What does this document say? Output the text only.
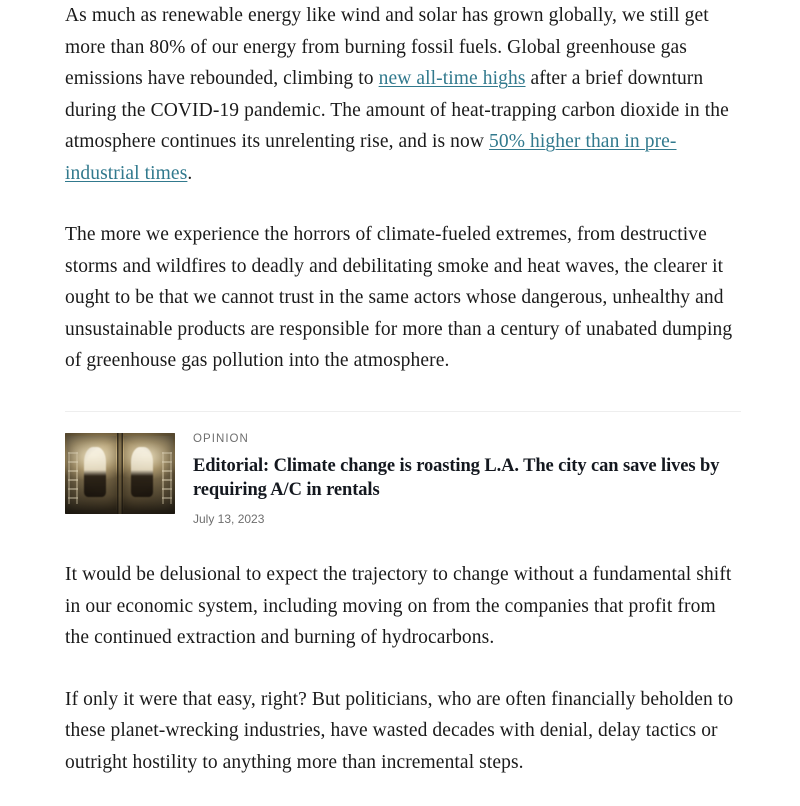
As much as renewable energy like wind and solar has grown globally, we still get more than 80% of our energy from burning fossil fuels. Global greenhouse gas emissions have rebounded, climbing to new all-time highs after a brief downturn during the COVID-19 pandemic. The amount of heat-trapping carbon dioxide in the atmosphere continues its unrelenting rise, and is now 50% higher than in pre-industrial times.

The more we experience the horrors of climate-fueled extremes, from destructive storms and wildfires to deadly and debilitating smoke and heat waves, the clearer it ought to be that we cannot trust in the same actors whose dangerous, unhealthy and unsustainable products are responsible for more than a century of unabated dumping of greenhouse gas pollution into the atmosphere.

OPINION
Editorial: Climate change is roasting L.A. The city can save lives by requiring A/C in rentals
July 13, 2023

It would be delusional to expect the trajectory to change without a fundamental shift in our economic system, including moving on from the companies that profit from the continued extraction and burning of hydrocarbons.

If only it were that easy, right? But politicians, who are often financially beholden to these planet-wrecking industries, have wasted decades with denial, delay tactics or outright hostility to anything more than incremental steps.
